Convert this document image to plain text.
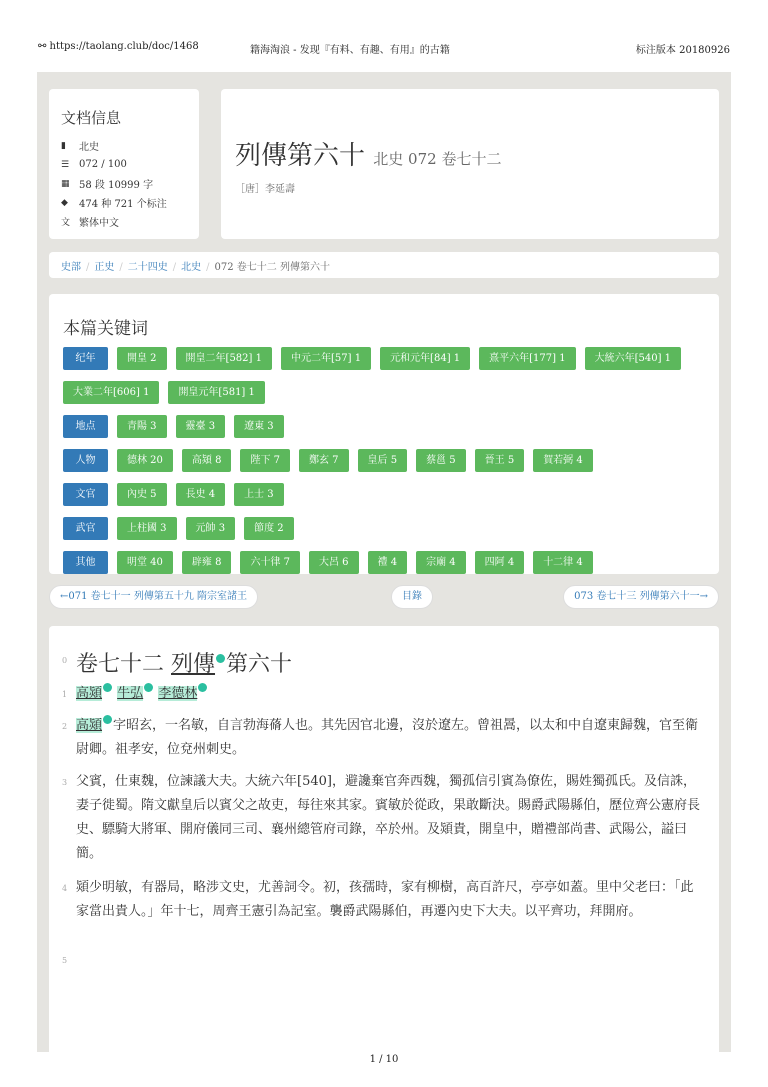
⚯ https://taolang.club/doc/1468	籍海淘浪 - 发现『有料、有趣、有用』的古籍	标注版本 20180926
文档信息
▮	北史
☰ 072 / 100
▦ 58 段 10999 字
◆	474 种 721 个标注
文 繁体中文
列傳第六十 北史 072 卷七十二
［唐］李延壽
史部 / 正史 / 二十四史 / 北史 / 072 卷七十二 列傳第六十
本篇关键词
纪年	開皇 2	開皇二年[582] 1	中元二年[57] 1	元和元年[84] 1	熹平六年[177] 1	大統六年[540] 1
大業二年[606] 1	開皇元年[581] 1
地点	青陽 3	靈臺 3	遼東 3
人物	德林 20	高熲 8	陛下 7	鄭玄 7	皇后 5	蔡邕 5	晉王 5	賀若弼 4
文官	內史 5	長史 4	上士 3
武官	上柱國 3	元帥 3	節度 2
其他	明堂 40	辟雍 8	六十律 7	大呂 6	禮 4	宗廟 4	四阿 4	十二律 4
←071 卷七十一 列傳第五十九 隋宗室諸王	目錄	073 卷七十三 列傳第六十一→
0 卷七十二 列傳 第六十
1 高熲 牛弘 李德林
2 高熲 字昭玄，一名敏，自言勃海蓨人也。其先因官北邊，沒於遼左。曾祖暠，以太和中自遼東歸魏，官至衛尉卿。祖孝安，位兗州刺史。
3 父賓，仕東魏，位諫議大夫。大統六年[540]，避讒棄官奔西魏，獨孤信引賓為僚佐，賜姓獨孤氏。及信誅，妻子徙蜀。隋文獻皇后以賓父之故吏，每往來其家。賓敏於從政，果敢斷決。賜爵武陽縣伯，歷位齊公憲府長史、驃騎大將軍、開府儀同三司、襄州總管府司錄，卒於州。及熲貴，開皇中，贈禮部尚書、武陽公，謚曰簡。
4 熲少明敏，有器局，略涉文史，尤善詞令。初，孩孺時，家有柳樹，高百許尺，亭亭如蓋。里中父老曰：「此家當出貴人。」年十七，周齊王憲引為記室。襲爵武陽縣伯，再遷內史下大夫。以平齊功，拜開府。
5
1 / 10
